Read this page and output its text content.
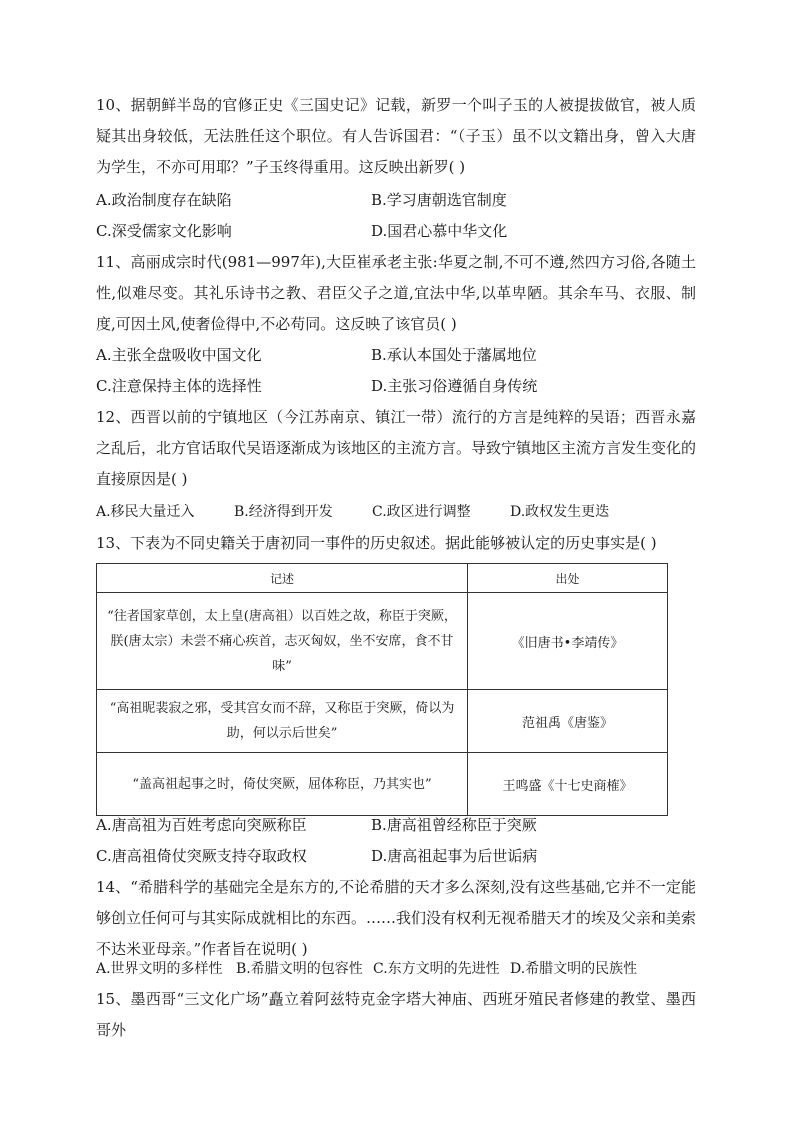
10、据朝鲜半岛的官修正史《三国史记》记载，新罗一个叫子玉的人被提拔做官，被人质疑其出身较低，无法胜任这个职位。有人告诉国君：“（子玉）虽不以文籍出身，曾入大唐为学生，不亦可用耶？”子玉终得重用。这反映出新罗( )
A.政治制度存在缺陷	B.学习唐朝选官制度
C.深受儒家文化影响	D.国君心慕中华文化
11、高丽成宗时代(981—997年),大臣崔承老主张:华夏之制,不可不遵,然四方习俗,各随土性,似难尽变。其礼乐诗书之教、君臣父子之道,宜法中华,以革卑陋。其余车马、衣服、制度,可因土风,使奢俭得中,不必苟同。这反映了该官员( )
A.主张全盘吸收中国文化	B.承认本国处于藩属地位
C.注意保持主体的选择性	D.主张习俗遵循自身传统
12、西晋以前的宁镇地区（今江苏南京、镇江一带）流行的方言是纯粹的吴语；西晋永嘉之乱后，北方官话取代吴语逐渐成为该地区的主流方言。导致宁镇地区主流方言发生变化的直接原因是( )
A.移民大量迁入	B.经济得到开发	C.政区进行调整	D.政权发生更迭
13、下表为不同史籍关于唐初同一事件的历史叙述。据此能够被认定的历史事实是( )
记述	出处
“往者国家草创，太上皇(唐高祖）以百姓之故，称臣于突厥，朕(唐太宗）未尝不痛心疾首，志灭匈奴，坐不安席，食不甘味”	《旧唐书•李靖传》
“高祖昵裴寂之邪，受其宫女而不辞，又称臣于突厥，倚以为助，何以示后世矣”	范祖禹《唐鉴》
“盖高祖起事之时，倚仗突厥，屈体称臣，乃其实也”	王鸣盛《十七史商榷》
A.唐高祖为百姓考虑向突厥称臣	B.唐高祖曾经称臣于突厥
C.唐高祖倚仗突厥支持夺取政权	D.唐高祖起事为后世诟病
14、“希腊科学的基础完全是东方的,不论希腊的天才多么深刻,没有这些基础,它并不一定能够创立任何可与其实际成就相比的东西。……我们没有权利无视希腊天才的埃及父亲和美索不达米亚母亲。”作者旨在说明( )
A.世界文明的多样性 B.希腊文明的包容性 C.东方文明的先进性 D.希腊文明的民族性
15、墨西哥“三文化广场”矗立着阿兹特克金字塔大神庙、西班牙殖民者修建的教堂、墨西哥外
